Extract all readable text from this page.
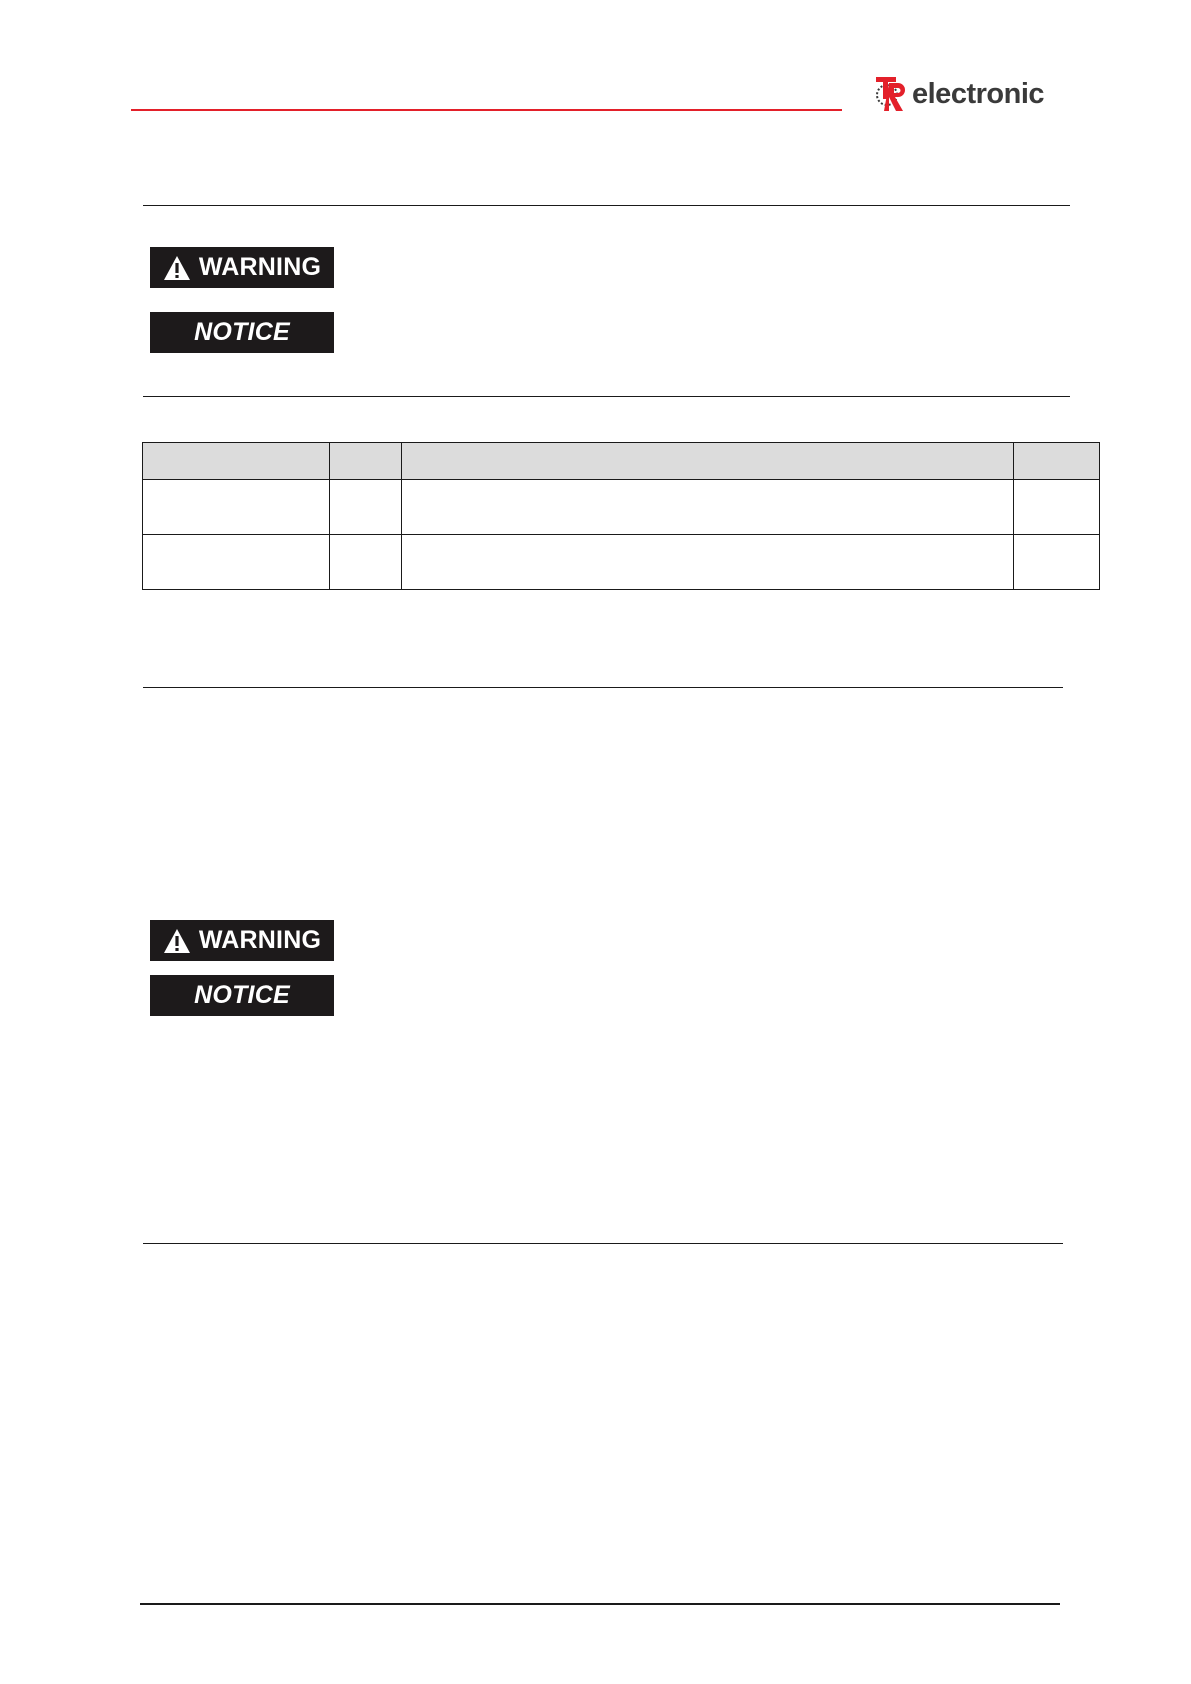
electronic
WARNING
NOTICE

WARNING
NOTICE
